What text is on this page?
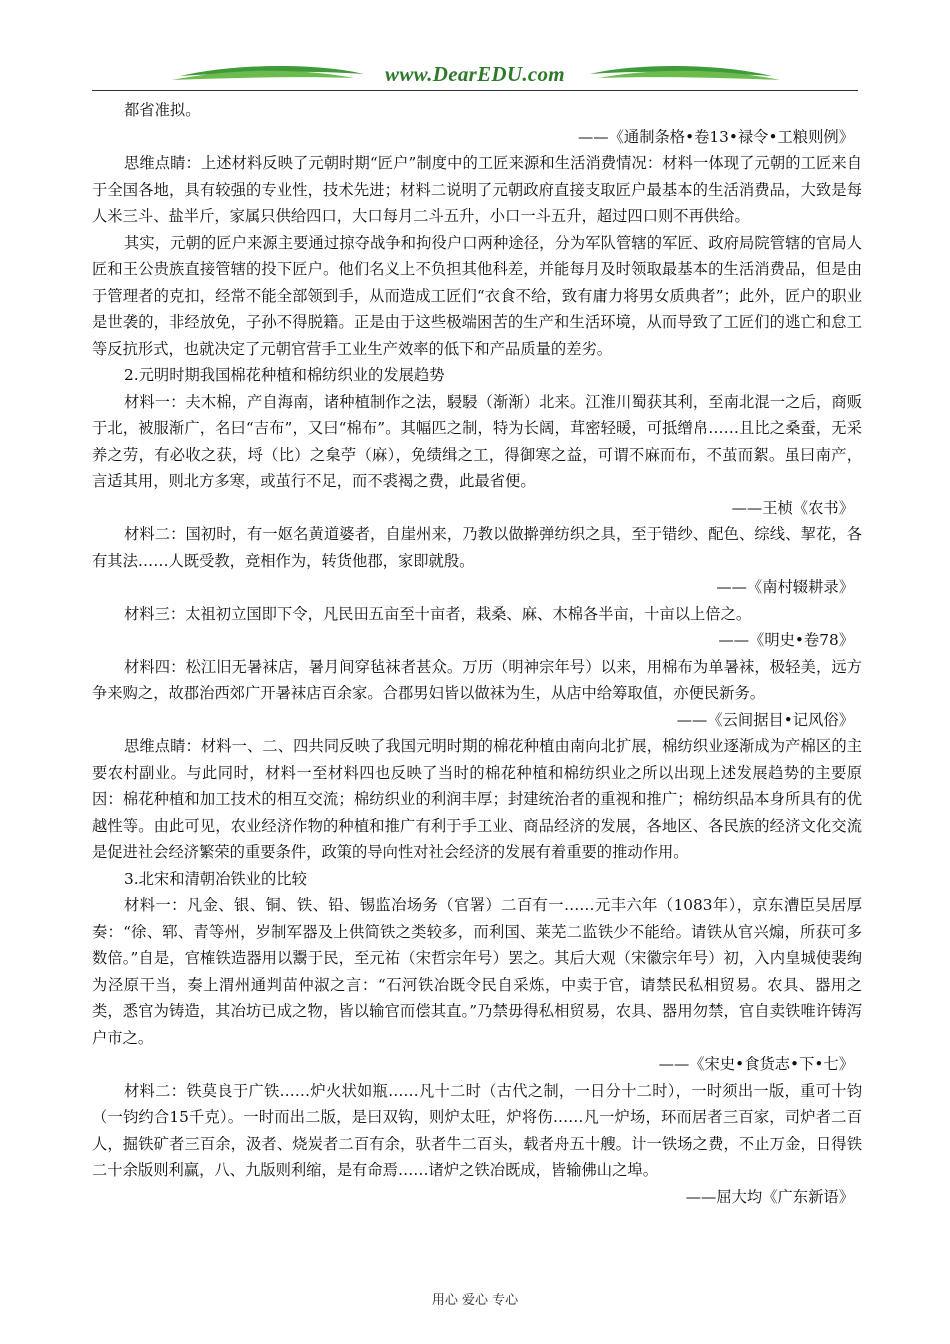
www.DearEDU.com

都省准拟。

——《通制条格•卷13•禄令•工粮则例》

思维点睛：上述材料反映了元朝时期“匠户”制度中的工匠来源和生活消费情况：材料一体现了元朝的工匠来自于全国各地，具有较强的专业性，技术先进；材料二说明了元朝政府直接支取匠户最基本的生活消费品，大致是每人米三斗、盐半斤，家属只供给四口，大口每月二斗五升，小口一斗五升，超过四口则不再供给。

其实，元朝的匠户来源主要通过掠夺战争和拘役户口两种途径，分为军队管辖的军匠、政府局院管辖的官局人匠和王公贵族直接管辖的投下匠户。他们名义上不负担其他科差，并能每月及时领取最基本的生活消费品，但是由于管理者的克扣，经常不能全部领到手，从而造成工匠们“衣食不给，致有庸力将男女质典者”；此外，匠户的职业是世袭的，非经放免，子孙不得脱籍。正是由于这些极端困苦的生产和生活环境，从而导致了工匠们的逃亡和怠工等反抗形式，也就决定了元朝官营手工业生产效率的低下和产品质量的差劣。

2.元明时期我国棉花种植和棉纺织业的发展趋势

材料一：夫木棉，产自海南，诸种植制作之法，駸駸（渐渐）北来。江淮川蜀获其利，至南北混一之后，商贩于北，被服渐广，名曰“吉布”，又曰“棉布”。其幅匹之制，特为长阔，茸密轻暖，可抵缯帛……且比之桑蚕，无采养之劳，有必收之获，埒（比）之枲苧（麻），免绩缉之工，得御寒之益，可谓不麻而布，不茧而絮。虽曰南产，言适其用，则北方多寒，或茧行不足，而不裘褐之费，此最省便。

——王桢《农书》

材料二：国初时，有一妪名黄道婆者，自崖州来，乃教以做擀弹纺织之具，至于错纱、配色、综线、挈花，各有其法……人既受教，竞相作为，转货他郡，家即就殷。

——《南村辍耕录》

材料三：太祖初立国即下令，凡民田五亩至十亩者，栽桑、麻、木棉各半亩，十亩以上倍之。

——《明史•卷78》

材料四：松江旧无暑袜店，暑月间穿毡袜者甚众。万历（明神宗年号）以来，用棉布为单暑袜，极轻美，远方争来购之，故郡治西郊广开暑袜店百余家。合郡男妇皆以做袜为生，从店中给筹取值，亦便民新务。

——《云间据目•记风俗》

思维点睛：材料一、二、四共同反映了我国元明时期的棉花种植由南向北扩展，棉纺织业逐渐成为产棉区的主要农村副业。与此同时，材料一至材料四也反映了当时的棉花种植和棉纺织业之所以出现上述发展趋势的主要原因：棉花种植和加工技术的相互交流；棉纺织业的利润丰厚；封建统治者的重视和推广；棉纺织品本身所具有的优越性等。由此可见，农业经济作物的种植和推广有利于手工业、商品经济的发展，各地区、各民族的经济文化交流是促进社会经济繁荣的重要条件，政策的导向性对社会经济的发展有着重要的推动作用。

3.北宋和清朝冶铁业的比较

材料一：凡金、银、铜、铁、铅、锡监冶场务（官署）二百有一……元丰六年（1083年），京东漕臣吴居厚奏：“徐、郓、青等州，岁制军器及上供简铁之类较多，而利国、莱芜二监铁少不能给。请铁从官兴煽，所获可多数倍。”自是，官榷铁造器用以鬻于民，至元祐（宋哲宗年号）罢之。其后大观（宋徽宗年号）初，入内皇城使裴绚为泾原干当，奏上渭州通判苗仲淑之言：“石河铁冶既令民自采炼，中卖于官，请禁民私相贸易。农具、器用之类，悉官为铸造，其冶坊已成之物，皆以输官而偿其直。”乃禁毋得私相贸易，农具、器用勿禁，官自卖铁唯许铸泻户市之。

——《宋史•食货志•下•七》

材料二：铁莫良于广铁……炉火状如瓶……凡十二时（古代之制，一日分十二时），一时须出一版，重可十钧（一钧约合15千克）。一时而出二版，是曰双钩，则炉太旺，炉将伤……凡一炉场，环而居者三百家，司炉者二百人，掘铁矿者三百余，汲者、烧炭者二百有余，驮者牛二百头，载者舟五十艘。计一铁场之费，不止万金，日得铁二十余版则利赢，八、九版则利缩，是有命焉……诸炉之铁冶既成，皆输佛山之埠。

——屈大均《广东新语》

用心 爱心 专心
